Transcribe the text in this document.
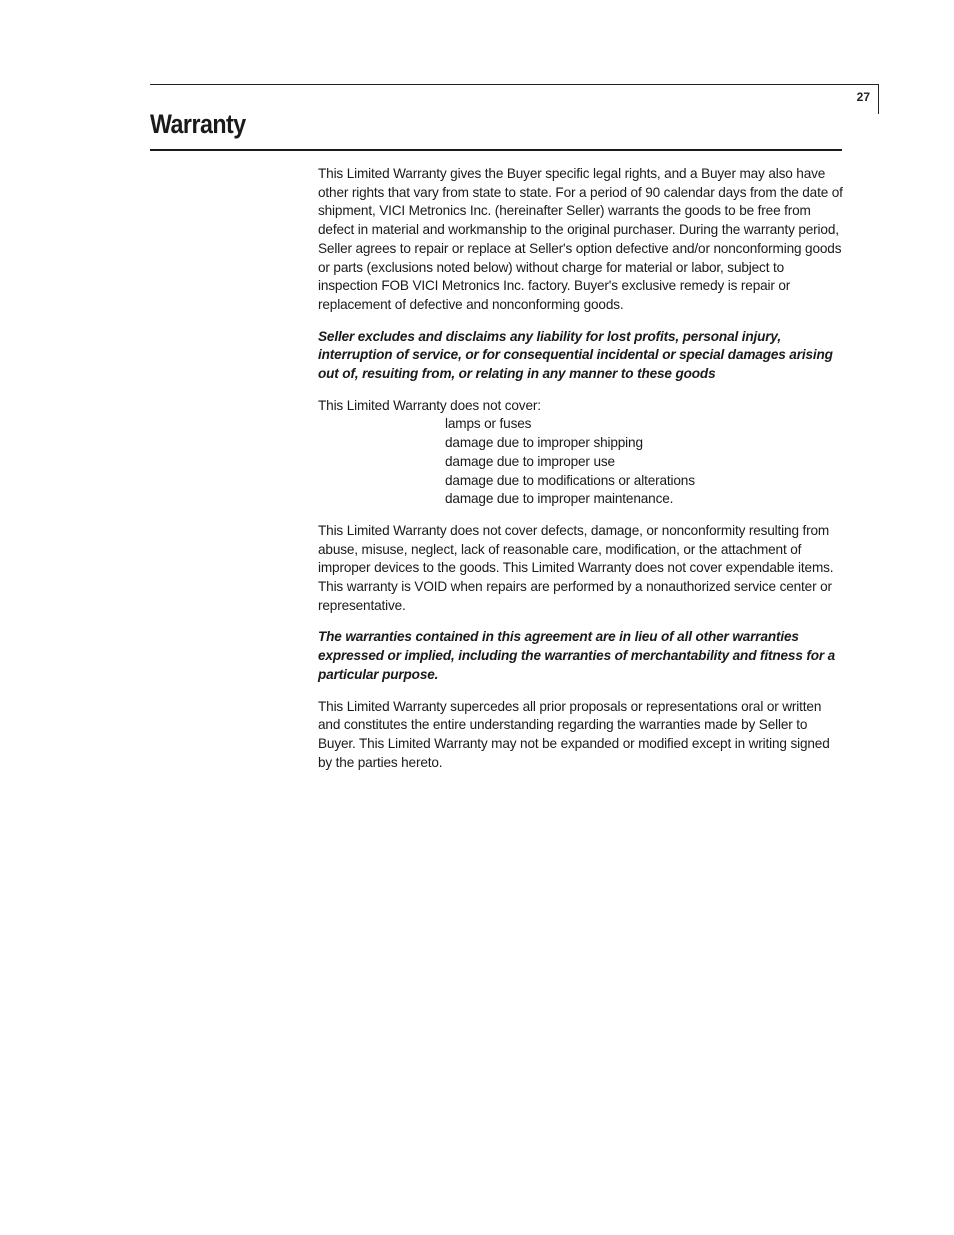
27
Warranty

This Limited Warranty gives the Buyer specific legal rights, and a Buyer may also have other rights that vary from state to state. For a period of 90 calendar days from the date of shipment, VICI Metronics Inc. (hereinafter Seller) warrants the goods to be free from defect in material and workmanship to the original purchaser. During the warranty period, Seller agrees to repair or replace at Seller's option defective and/or nonconforming goods or parts (exclusions noted below) without charge for material or labor, subject to inspection FOB VICI Metronics Inc. factory. Buyer's exclusive remedy is repair or replacement of defective and nonconforming goods.

Seller excludes and disclaims any liability for lost profits, personal injury, interruption of service, or for consequential incidental or special damages arising out of, resuiting from, or relating in any manner to these goods

This Limited Warranty does not cover:
lamps or fuses
damage due to improper shipping
damage due to improper use
damage due to modifications or alterations
damage due to improper maintenance.

This Limited Warranty does not cover defects, damage, or nonconformity resulting from abuse, misuse, neglect, lack of reasonable care, modification, or the attachment of improper devices to the goods. This Limited Warranty does not cover expendable items. This warranty is VOID when repairs are performed by a nonauthorized service center or representative.

The warranties contained in this agreement are in lieu of all other warranties expressed or implied, including the warranties of merchantability and fitness for a particular purpose.

This Limited Warranty supercedes all prior proposals or representations oral or written and constitutes the entire understanding regarding the warranties made by Seller to Buyer. This Limited Warranty may not be expanded or modified except in writing signed by the parties hereto.
